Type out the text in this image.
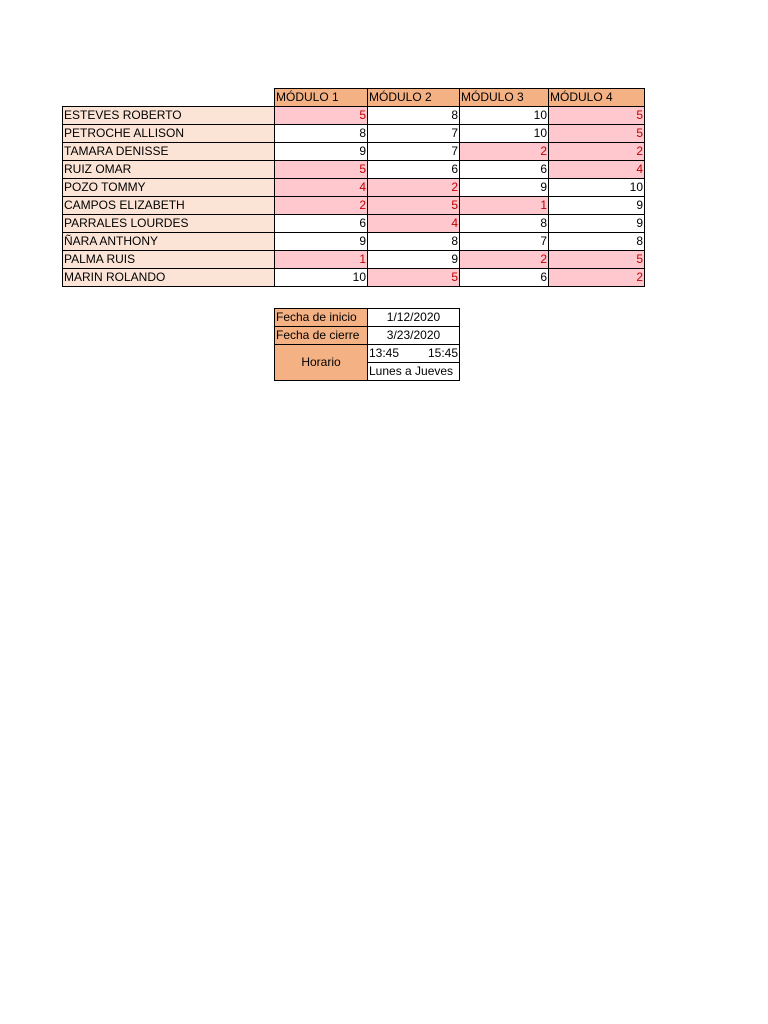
	MÓDULO 1	MÓDULO 2	MÓDULO 3	MÓDULO 4
ESTEVES ROBERTO	5	8	10	5
PETROCHE ALLISON	8	7	10	5
TAMARA DENISSE	9	7	2	2
RUIZ OMAR	5	6	6	4
POZO TOMMY	4	2	9	10
CAMPOS ELIZABETH	2	5	1	9
PARRALES LOURDES	6	4	8	9
ÑARA ANTHONY	9	8	7	8
PALMA RUIS	1	9	2	5
MARIN ROLANDO	10	5	6	2
Fecha de inicio	1/12/2020
Fecha de cierre	3/23/2020
Horario	13:45 15:45

	Lunes a Jueves
